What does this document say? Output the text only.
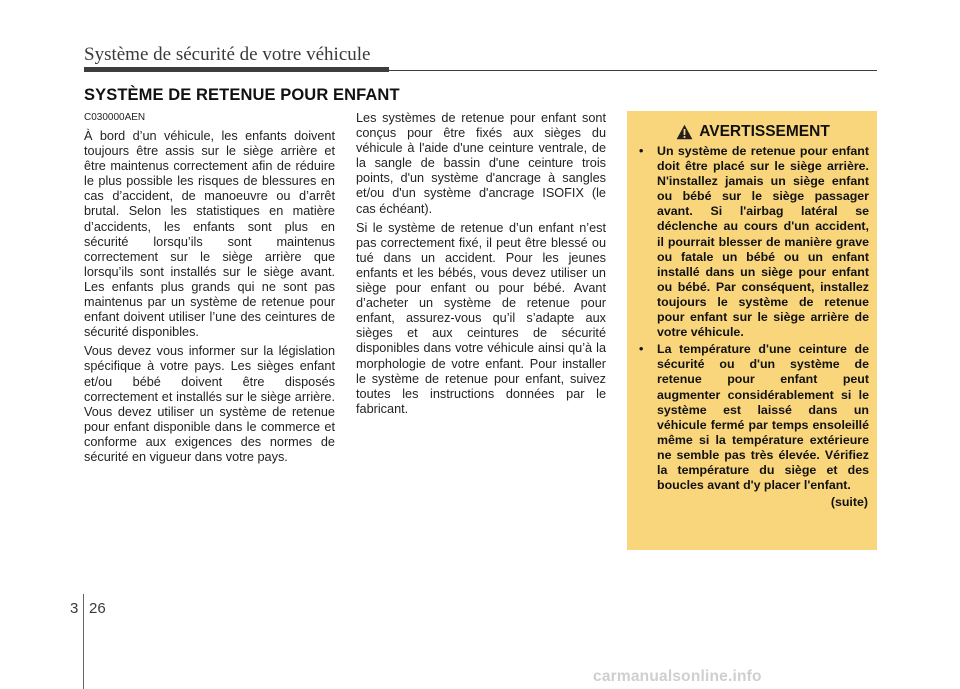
Système de sécurité de votre véhicule
SYSTÈME DE RETENUE POUR ENFANT

C030000AEN

À bord d’un véhicule, les enfants doivent toujours être assis sur le siège arrière et être maintenus correctement afin de réduire le plus possible les risques de blessures en cas d’accident, de manoeuvre ou d’arrêt brutal. Selon les statistiques en matière d’accidents, les enfants sont plus en sécurité lorsqu’ils sont maintenus correctement sur le siège arrière que lorsqu’ils sont installés sur le siège avant. Les enfants plus grands qui ne sont pas maintenus par un système de retenue pour enfant doivent utiliser l’une des ceintures de sécurité disponibles.

Vous devez vous informer sur la législation spécifique à votre pays. Les sièges enfant et/ou bébé doivent être disposés correctement et installés sur le siège arrière. Vous devez utiliser un système de retenue pour enfant disponible dans le commerce et conforme aux exigences des normes de sécurité en vigueur dans votre pays.

Les systèmes de retenue pour enfant sont conçus pour être fixés aux sièges du véhicule à l'aide d'une ceinture ventrale, de la sangle de bassin d'une ceinture trois points, d'un système d'ancrage à sangles et/ou d'un système d'ancrage ISOFIX (le cas échéant).

Si le système de retenue d’un enfant n’est pas correctement fixé, il peut être blessé ou tué dans un accident. Pour les jeunes enfants et les bébés, vous devez utiliser un siège pour enfant ou pour bébé. Avant d’acheter un système de retenue pour enfant, assurez-vous qu’il s’adapte aux sièges et aux ceintures de sécurité disponibles dans votre véhicule ainsi qu’à la morphologie de votre enfant. Pour installer le système de retenue pour enfant, suivez toutes les instructions données par le fabricant.

AVERTISSEMENT
• Un système de retenue pour enfant doit être placé sur le siège arrière. N'installez jamais un siège enfant ou bébé sur le siège passager avant. Si l'airbag latéral se déclenche au cours d'un accident, il pourrait blesser de manière grave ou fatale un bébé ou un enfant installé dans un siège pour enfant ou bébé. Par conséquent, installez toujours le système de retenue pour enfant sur le siège arrière de votre véhicule.
• La température d'une ceinture de sécurité ou d'un système de retenue pour enfant peut augmenter considérablement si le système est laissé dans un véhicule fermé par temps ensoleillé même si la température extérieure ne semble pas très élevée. Vérifiez la température du siège et des boucles avant d'y placer l'enfant.
(suite)
3 26
carmanualsonline.info
